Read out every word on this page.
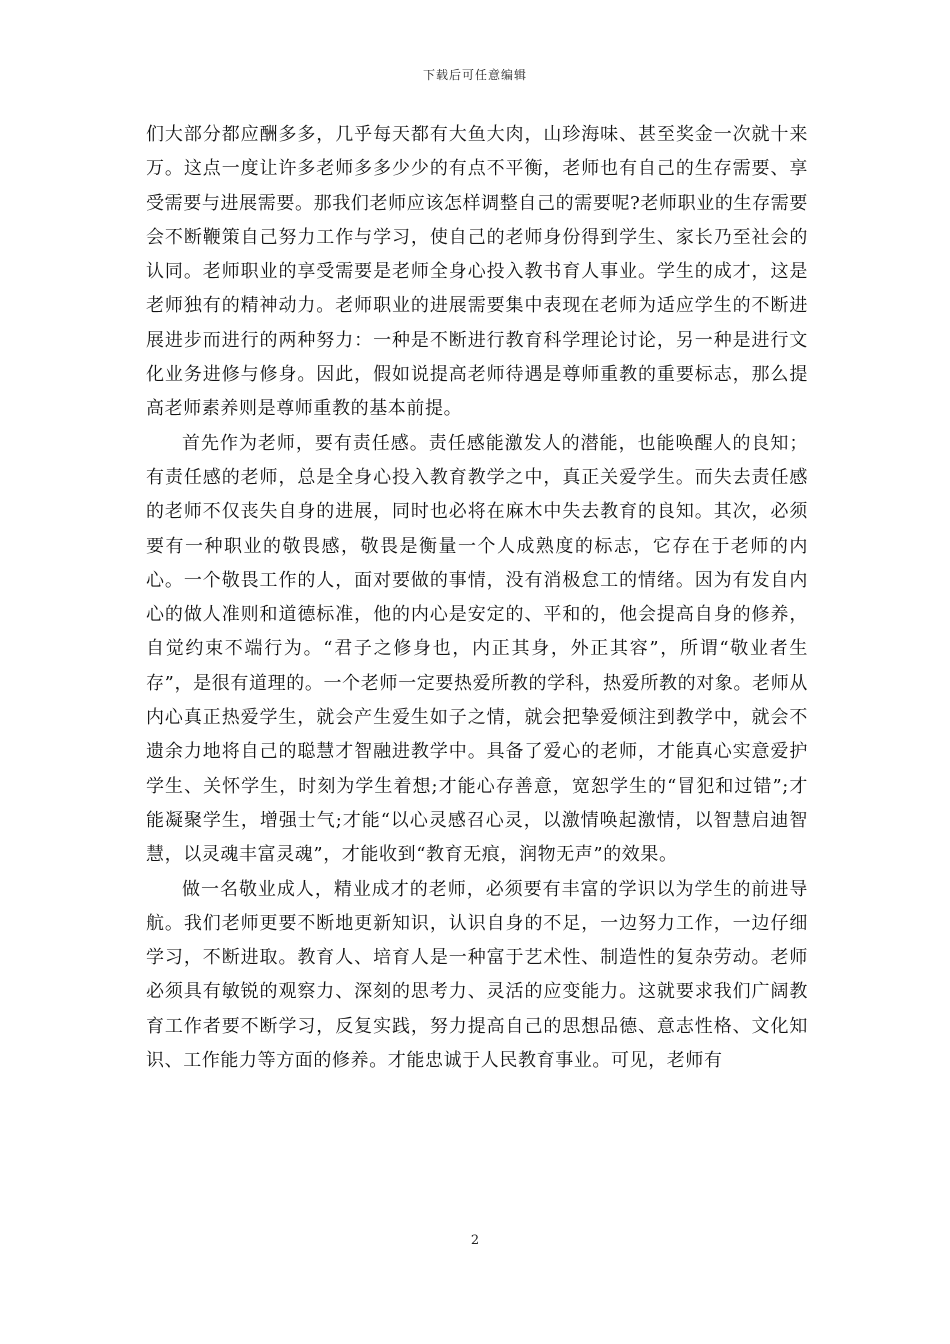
下载后可任意编辑

们大部分都应酬多多，几乎每天都有大鱼大肉，山珍海味、甚至奖金一次就十来万。这点一度让许多老师多多少少的有点不平衡，老师也有自己的生存需要、享受需要与进展需要。那我们老师应该怎样调整自己的需要呢?老师职业的生存需要会不断鞭策自己努力工作与学习，使自己的老师身份得到学生、家长乃至社会的认同。老师职业的享受需要是老师全身心投入教书育人事业。学生的成才，这是老师独有的精神动力。老师职业的进展需要集中表现在老师为适应学生的不断进展进步而进行的两种努力：一种是不断进行教育科学理论讨论，另一种是进行文化业务进修与修身。因此，假如说提高老师待遇是尊师重教的重要标志，那么提高老师素养则是尊师重教的基本前提。

首先作为老师，要有责任感。责任感能激发人的潜能，也能唤醒人的良知；有责任感的老师，总是全身心投入教育教学之中，真正关爱学生。而失去责任感的老师不仅丧失自身的进展，同时也必将在麻木中失去教育的良知。其次，必须要有一种职业的敬畏感，敬畏是衡量一个人成熟度的标志，它存在于老师的内心。一个敬畏工作的人，面对要做的事情，没有消极怠工的情绪。因为有发自内心的做人准则和道德标准，他的内心是安定的、平和的，他会提高自身的修养，自觉约束不端行为。“君子之修身也，内正其身，外正其容”，所谓“敬业者生存”，是很有道理的。一个老师一定要热爱所教的学科，热爱所教的对象。老师从内心真正热爱学生，就会产生爱生如子之情，就会把挚爱倾注到教学中，就会不遗余力地将自己的聪慧才智融进教学中。具备了爱心的老师，才能真心实意爱护学生、关怀学生，时刻为学生着想;才能心存善意，宽恕学生的“冒犯和过错”;才能凝聚学生，增强士气;才能“以心灵感召心灵，以激情唤起激情，以智慧启迪智慧，以灵魂丰富灵魂”，才能收到“教育无痕，润物无声”的效果。

做一名敬业成人，精业成才的老师，必须要有丰富的学识以为学生的前进导航。我们老师更要不断地更新知识，认识自身的不足，一边努力工作，一边仔细学习，不断进取。教育人、培育人是一种富于艺术性、制造性的复杂劳动。老师必须具有敏锐的观察力、深刻的思考力、灵活的应变能力。这就要求我们广阔教育工作者要不断学习，反复实践，努力提高自己的思想品德、意志性格、文化知识、工作能力等方面的修养。才能忠诚于人民教育事业。可见，老师有

2
